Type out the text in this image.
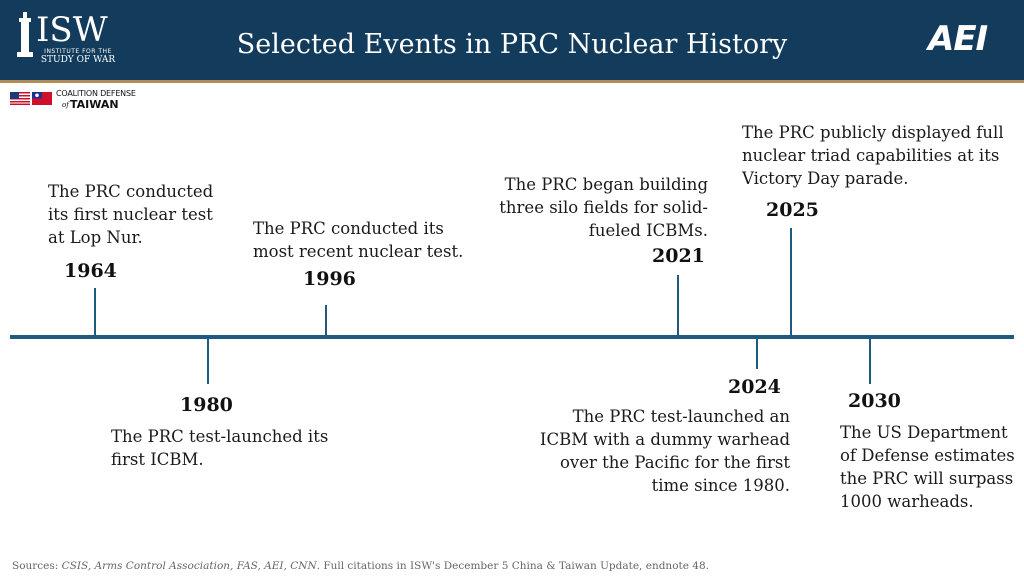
ISW
INSTITUTE FOR THE
STUDY OF WAR	Selected Events in PRC Nuclear History	AEI
COALITION DEFENSE
of TAIWAN
1964
The PRC conducted its first nuclear test at Lop Nur.
1980
The PRC test-launched its first ICBM.
1996
The PRC conducted its most recent nuclear test.	2021
The PRC began building three silo fields for solid-fueled ICBMs.
2024
The PRC test-launched an ICBM with a dummy warhead over the Pacific for the first time since 1980.
2025
The PRC publicly displayed full nuclear triad capabilities at its Victory Day parade.
2030
The US Department of Defense estimates the PRC will surpass 1000 warheads.
Sources: CSIS, Arms Control Association, FAS, AEI, CNN. Full citations in ISW's December 5 China & Taiwan Update, endnote 48.
